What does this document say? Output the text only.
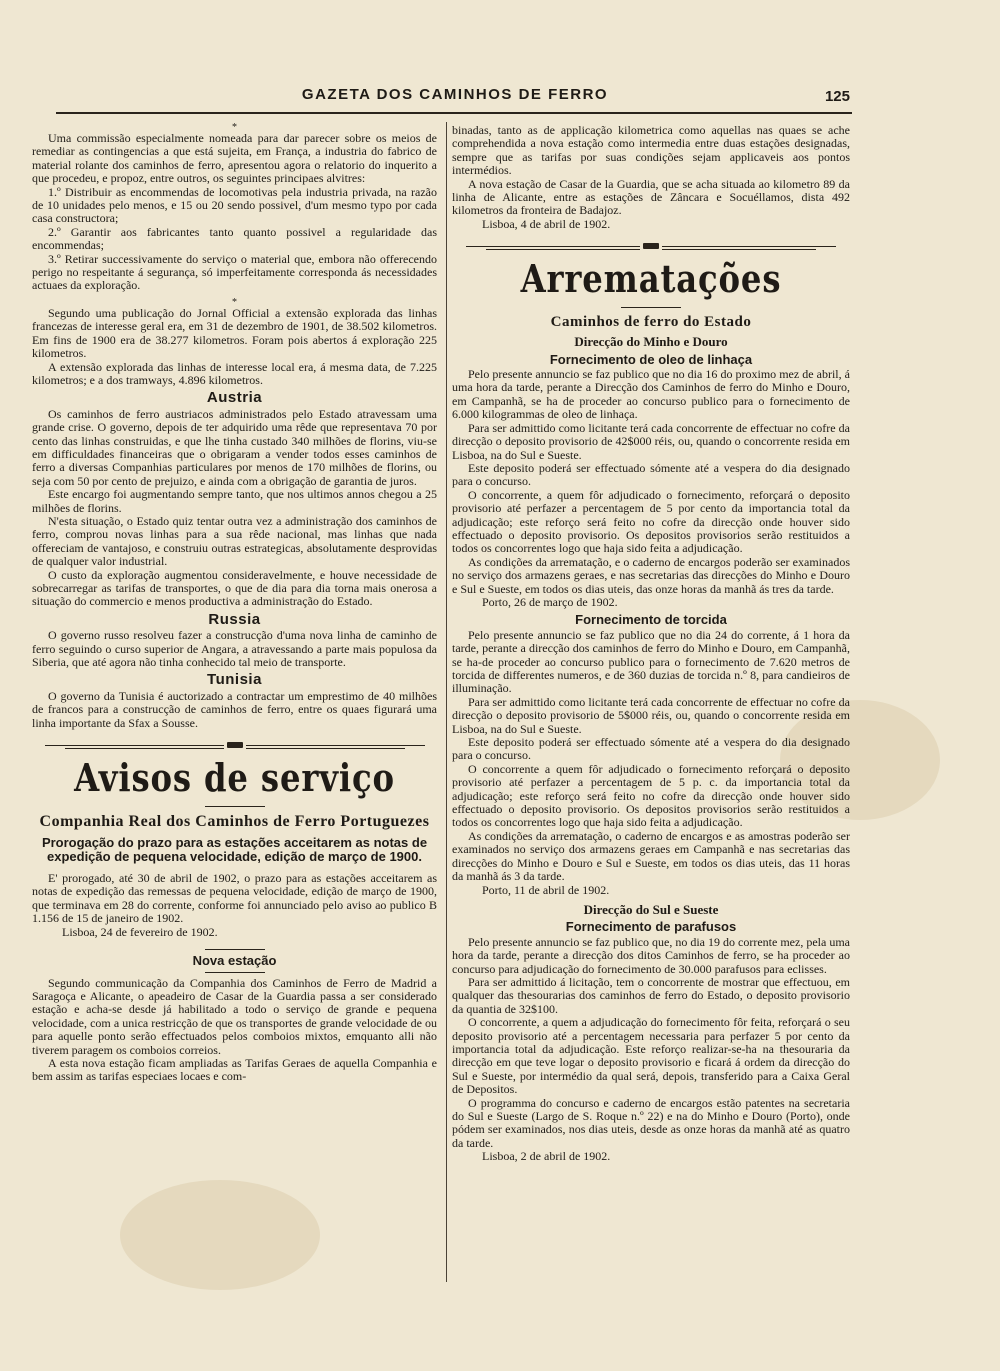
GAZETA DOS CAMINHOS DE FERRO	125
*

Uma commissão especialmente nomeada para dar parecer sobre os meios de remediar as contingencias a que está sujeita, em França, a industria do fabrico de material rolante dos caminhos de ferro, apresentou agora o relatorio do inquerito a que procedeu, e propoz, entre outros, os seguintes principaes alvitres:

1.º Distribuir as encommendas de locomotivas pela industria privada, na razão de 10 unidades pelo menos, e 15 ou 20 sendo possivel, d'um mesmo typo por cada casa constructora;

2.º Garantir aos fabricantes tanto quanto possivel a regularidade das encommendas;

3.º Retirar successivamente do serviço o material que, embora não offerecendo perigo no respeitante á segurança, só imperfeitamente corresponda ás necessidades actuaes da exploração.

*

Segundo uma publicação do Jornal Official a extensão explorada das linhas francezas de interesse geral era, em 31 de dezembro de 1901, de 38.502 kilometros. Em fins de 1900 era de 38.277 kilometros. Foram pois abertos á exploração 225 kilometros.

A extensão explorada das linhas de interesse local era, á mesma data, de 7.225 kilometros; e a dos tramways, 4.896 kilometros.

Austria

Os caminhos de ferro austriacos administrados pelo Estado atravessam uma grande crise. O governo, depois de ter adquirido uma rêde que representava 70 por cento das linhas construidas, e que lhe tinha custado 340 milhões de florins, viu-se em difficuldades financeiras que o obrigaram a vender todos esses caminhos de ferro a diversas Companhias particulares por menos de 170 milhões de florins, ou seja com 50 por cento de prejuizo, e ainda com a obrigação de garantia de juros.

Este encargo foi augmentando sempre tanto, que nos ultimos annos chegou a 25 milhões de florins.

N'esta situação, o Estado quiz tentar outra vez a administração dos caminhos de ferro, comprou novas linhas para a sua rêde nacional, mas linhas que nada offereciam de vantajoso, e construiu outras estrategicas, absolutamente desprovidas de qualquer valor industrial.

O custo da exploração augmentou consideravelmente, e houve necessidade de sobrecarregar as tarifas de transportes, o que de dia para dia torna mais onerosa a situação do commercio e menos productiva a administração do Estado.

Russia

O governo russo resolveu fazer a construcção d'uma nova linha de caminho de ferro seguindo o curso superior de Angara, a atravessando a parte mais populosa da Siberia, que até agora não tinha conhecido tal meio de transporte.

Tunisia

O governo da Tunisia é auctorizado a contractar um emprestimo de 40 milhões de francos para a construcção de caminhos de ferro, entre os quaes figurará uma linha importante da Sfax a Sousse.

Avisos de serviço
Companhia Real dos Caminhos de Ferro Portuguezes
Prorogação do prazo para as estações acceitarem as notas de expedição de pequena velocidade, edição de março de 1900.

E' prorogado, até 30 de abril de 1902, o prazo para as estações acceitarem as notas de expedição das remessas de pequena velocidade, edição de março de 1900, que terminava em 28 do corrente, conforme foi annunciado pelo aviso ao publico B 1.156 de 15 de janeiro de 1902.

Lisboa, 24 de fevereiro de 1902.

Nova estação

Segundo communicação da Companhia dos Caminhos de Ferro de Madrid a Saragoça e Alicante, o apeadeiro de Casar de la Guardia passa a ser considerado estação e acha-se desde já habilitado a todo o serviço de grande e pequena velocidade, com a unica restricção de que os transportes de grande velocidade de ou para aquelle ponto serão effectuados pelos comboios mixtos, emquanto alli não tiverem paragem os comboios correios.

A esta nova estação ficam ampliadas as Tarifas Geraes de aquella Companhia e bem assim as tarifas especiaes locaes e com-

binadas, tanto as de applicação kilometrica como aquellas nas quaes se ache comprehendida a nova estação como intermedia entre duas estações designadas, sempre que as tarifas por suas condições sejam applicaveis aos pontos intermédios.

A nova estação de Casar de la Guardia, que se acha situada ao kilometro 89 da linha de Alicante, entre as estações de Zâncara e Socuéllamos, dista 492 kilometros da fronteira de Badajoz.

Lisboa, 4 de abril de 1902.

Arrematações
Caminhos de ferro do Estado
Direcção do Minho e Douro
Fornecimento de oleo de linhaça

Pelo presente annuncio se faz publico que no dia 16 do proximo mez de abril, á uma hora da tarde, perante a Direcção dos Caminhos de ferro do Minho e Douro, em Campanhã, se ha de proceder ao concurso publico para o fornecimento de 6.000 kilogrammas de oleo de linhaça.

Para ser admittido como licitante terá cada concorrente de effectuar no cofre da direcção o deposito provisorio de 42$000 réis, ou, quando o concorrente resida em Lisboa, na do Sul e Sueste.

Este deposito poderá ser effectuado sómente até a vespera do dia designado para o concurso.

O concorrente, a quem fôr adjudicado o fornecimento, reforçará o deposito provisorio até perfazer a percentagem de 5 por cento da importancia total da adjudicação; este reforço será feito no cofre da direcção onde houver sido effectuado o deposito provisorio. Os depositos provisorios serão restituidos a todos os concorrentes logo que haja sido feita a adjudicação.

As condições da arrematação, e o caderno de encargos poderão ser examinados no serviço dos armazens geraes, e nas secretarias das direcções do Minho e Douro e Sul e Sueste, em todos os dias uteis, das onze horas da manhã ás tres da tarde.

Porto, 26 de março de 1902.

Fornecimento de torcida

Pelo presente annuncio se faz publico que no dia 24 do corrente, á 1 hora da tarde, perante a direcção dos caminhos de ferro do Minho e Douro, em Campanhã, se ha-de proceder ao concurso publico para o fornecimento de 7.620 metros de torcida de differentes numeros, e de 360 duzias de torcida n.º 8, para candieiros de illuminação.

Para ser admittido como licitante terá cada concorrente de effectuar no cofre da direcção o deposito provisorio de 5$000 réis, ou, quando o concorrente resida em Lisboa, na do Sul e Sueste.

Este deposito poderá ser effectuado sómente até a vespera do dia designado para o concurso.

O concorrente a quem fôr adjudicado o fornecimento reforçará o deposito provisorio até perfazer a percentagem de 5 p. c. da importancia total da adjudicação; este reforço será feito no cofre da direcção onde houver sido effectuado o deposito provisorio. Os depositos provisorios serão restituidos a todos os concorrentes logo que haja sido feita a adjudicação.

As condições da arrematação, o caderno de encargos e as amostras poderão ser examinados no serviço dos armazens geraes em Campanhã e nas secretarias das direcções do Minho e Douro e Sul e Sueste, em todos os dias uteis, das 11 horas da manhã ás 3 da tarde.

Porto, 11 de abril de 1902.

Direcção do Sul e Sueste
Fornecimento de parafusos

Pelo presente annuncio se faz publico que, no dia 19 do corrente mez, pela uma hora da tarde, perante a direcção dos ditos Caminhos de ferro, se ha proceder ao concurso para adjudicação do fornecimento de 30.000 parafusos para eclisses.

Para ser admittido á licitação, tem o concorrente de mostrar que effectuou, em qualquer das thesourarias dos caminhos de ferro do Estado, o deposito provisorio da quantia de 32$100.

O concorrente, a quem a adjudicação do fornecimento fôr feita, reforçará o seu deposito provisorio até a percentagem necessaria para perfazer 5 por cento da importancia total da adjudicação. Este reforço realizar-se-ha na thesouraria da direcção em que teve logar o deposito provisorio e ficará á ordem da direcção do Sul e Sueste, por intermédio da qual será, depois, transferido para a Caixa Geral de Depositos.

O programma do concurso e caderno de encargos estão patentes na secretaria do Sul e Sueste (Largo de S. Roque n.º 22) e na do Minho e Douro (Porto), onde pódem ser examinados, nos dias uteis, desde as onze horas da manhã até as quatro da tarde.

Lisboa, 2 de abril de 1902.
